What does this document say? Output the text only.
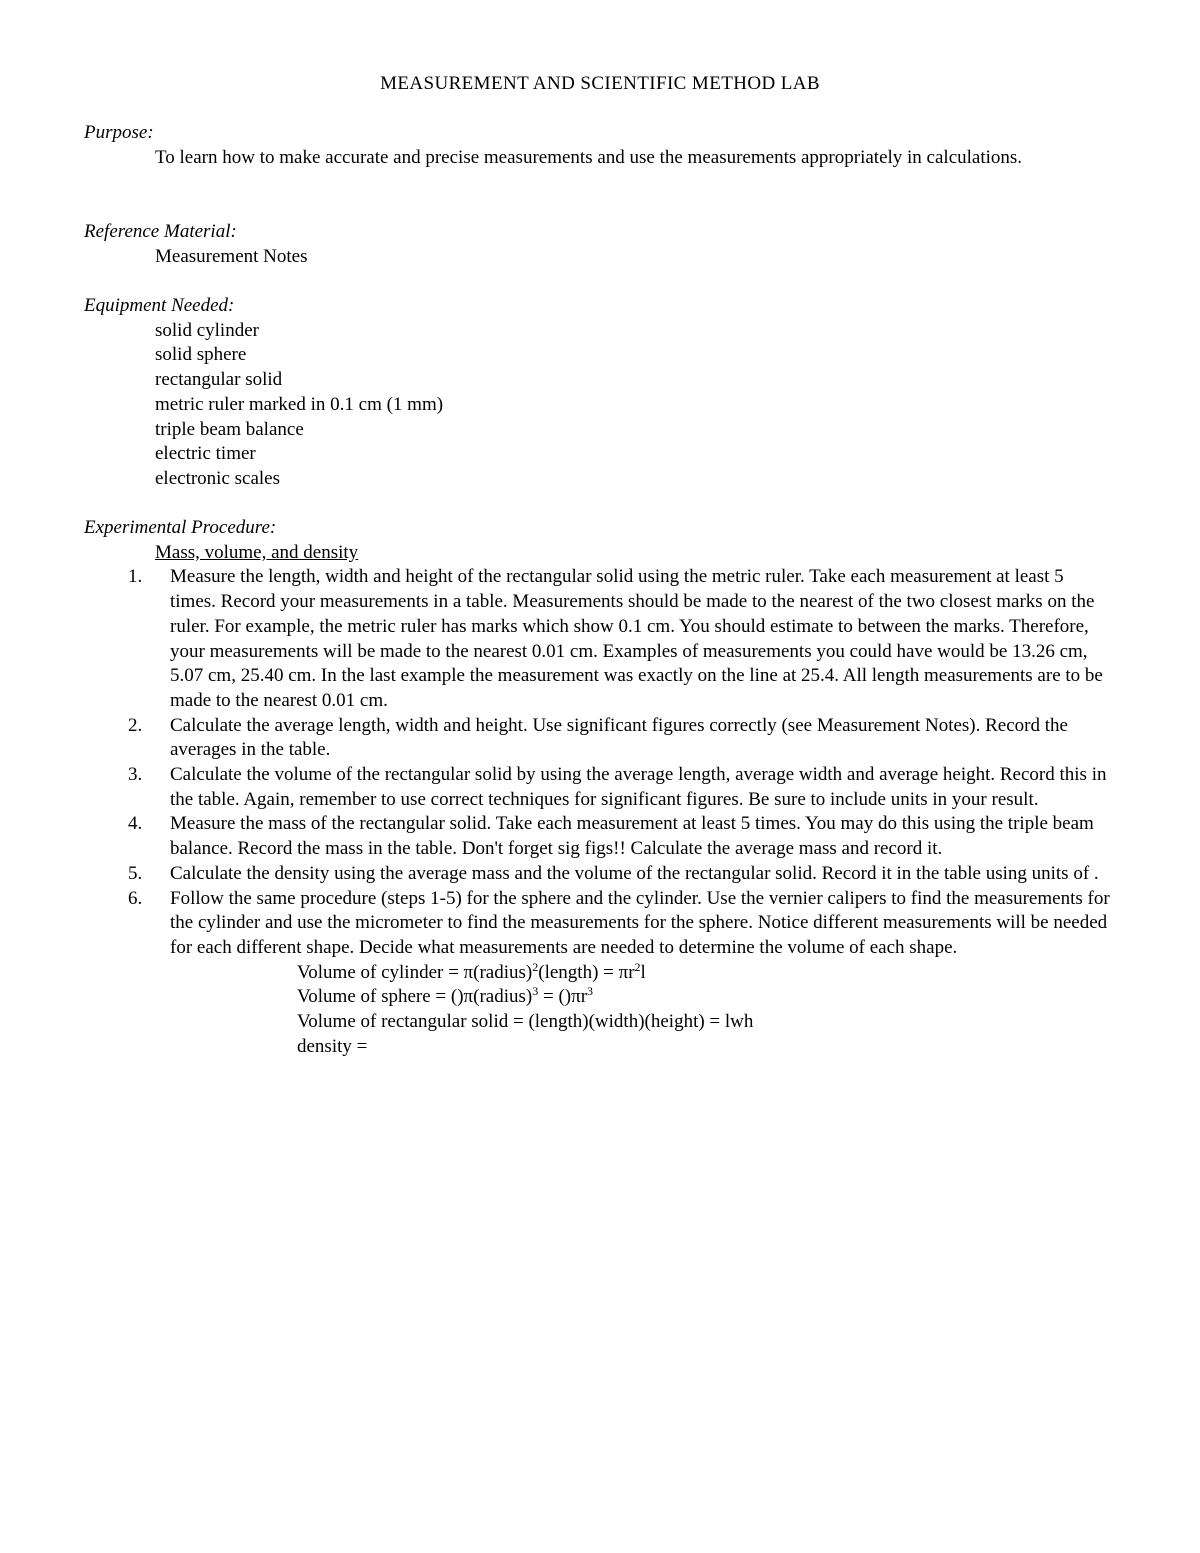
MEASUREMENT AND SCIENTIFIC METHOD LAB
Purpose:
To learn how to make accurate and precise measurements and use the measurements appropriately in calculations.
Reference Material:
Measurement Notes
Equipment Needed:
solid cylinder
solid sphere
rectangular solid
metric ruler marked in 0.1 cm (1 mm)
triple beam balance
electric timer
electronic scales
Experimental Procedure:
Mass, volume, and density
1. Measure the length, width and height of the rectangular solid using the metric ruler. Take each measurement at least 5 times. Record your measurements in a table. Measurements should be made to the nearest of the two closest marks on the ruler. For example, the metric ruler has marks which show 0.1 cm. You should estimate to between the marks. Therefore, your measurements will be made to the nearest 0.01 cm. Examples of measurements you could have would be 13.26 cm, 5.07 cm, 25.40 cm. In the last example the measurement was exactly on the line at 25.4. All length measurements are to be made to the nearest 0.01 cm.
2. Calculate the average length, width and height. Use significant figures correctly (see Measurement Notes). Record the averages in the table.
3. Calculate the volume of the rectangular solid by using the average length, average width and average height. Record this in the table. Again, remember to use correct techniques for significant figures. Be sure to include units in your result.
4. Measure the mass of the rectangular solid. Take each measurement at least 5 times. You may do this using the triple beam balance. Record the mass in the table. Don't forget sig figs!! Calculate the average mass and record it.
5. Calculate the density using the average mass and the volume of the rectangular solid. Record it in the table using units of .
6. Follow the same procedure (steps 1-5) for the sphere and the cylinder. Use the vernier calipers to find the measurements for the cylinder and use the micrometer to find the measurements for the sphere. Notice different measurements will be needed for each different shape. Decide what measurements are needed to determine the volume of each shape.
Volume of cylinder = π(radius)$^2$(length) = $\pi r^2l$
Volume of sphere = ()π(radius)$^3$ = $()\pi r^3$
Volume of rectangular solid = (length)(width)(height) = lwh
density =
